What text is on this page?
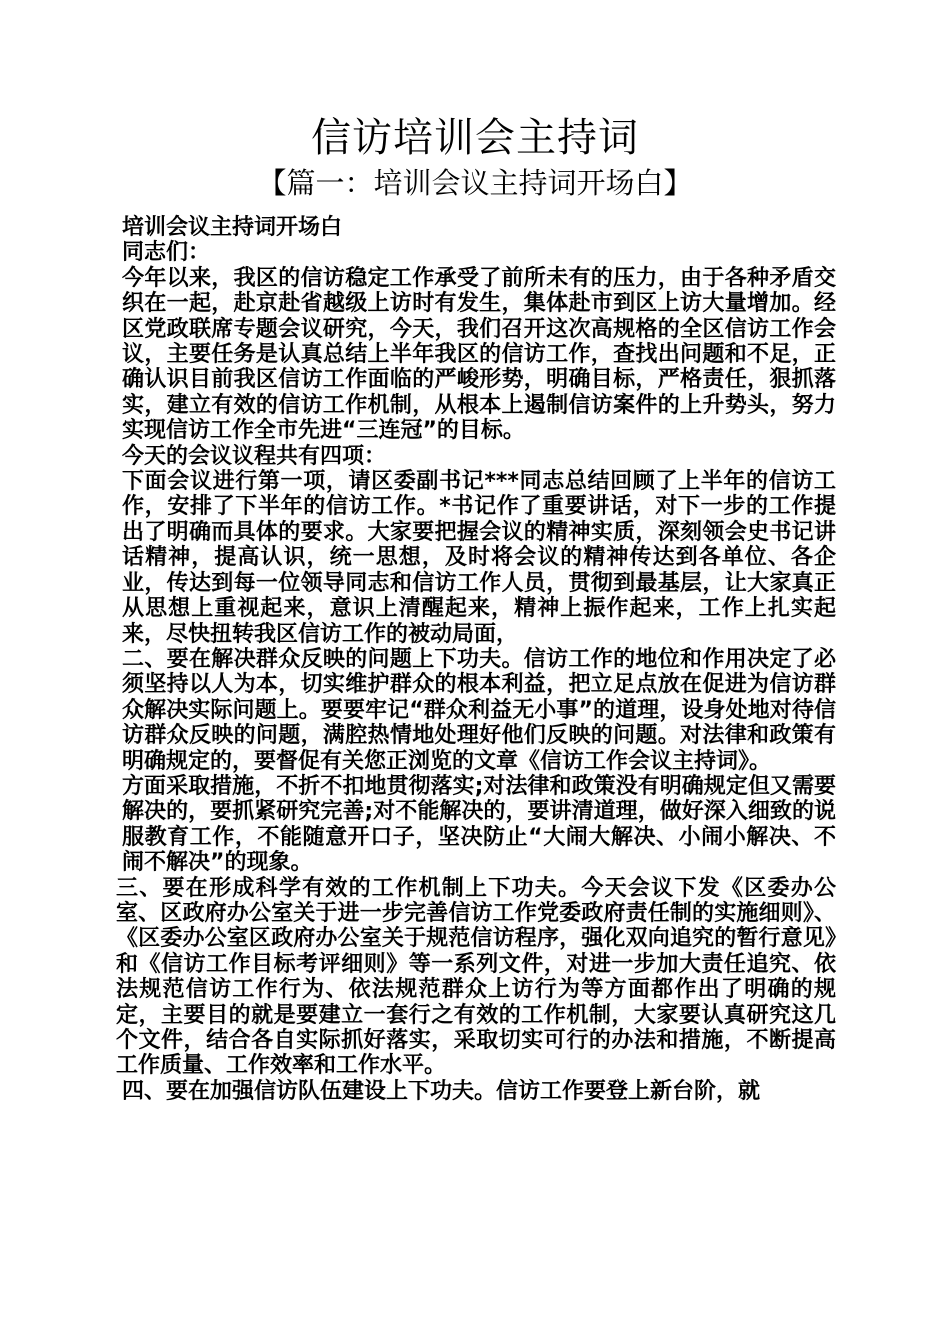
信访培训会主持词
【篇一：培训会议主持词开场白】

培训会议主持词开场白

同志们：

今年以来，我区的信访稳定工作承受了前所未有的压力，由于各种矛盾交织在一起，赴京赴省越级上访时有发生，集体赴市到区上访大量增加。经区党政联席专题会议研究，今天，我们召开这次高规格的全区信访工作会议，主要任务是认真总结上半年我区的信访工作，查找出问题和不足，正确认识目前我区信访工作面临的严峻形势，明确目标，严格责任，狠抓落实，建立有效的信访工作机制，从根本上遏制信访案件的上升势头，努力实现信访工作全市先进“三连冠”的目标。

今天的会议议程共有四项：

下面会议进行第一项，请区委副书记***同志总结回顾了上半年的信访工作，安排了下半年的信访工作。*书记作了重要讲话，对下一步的工作提出了明确而具体的要求。大家要把握会议的精神实质，深刻领会史书记讲话精神，提高认识，统一思想，及时将会议的精神传达到各单位、各企业，传达到每一位领导同志和信访工作人员，贯彻到最基层，让大家真正从思想上重视起来，意识上清醒起来，精神上振作起来，工作上扎实起来，尽快扭转我区信访工作的被动局面，

二、要在解决群众反映的问题上下功夫。信访工作的地位和作用决定了必须坚持以人为本，切实维护群众的根本利益，把立足点放在促进为信访群众解决实际问题上。要要牢记“群众利益无小事”的道理，设身处地对待信访群众反映的问题，满腔热情地处理好他们反映的问题。对法律和政策有明确规定的，要督促有关您正浏览的文章《信访工作会议主持词》。

方面采取措施，不折不扣地贯彻落实;对法律和政策没有明确规定但又需要解决的，要抓紧研究完善;对不能解决的，要讲清道理，做好深入细致的说服教育工作，不能随意开口子，坚决防止“大闹大解决、小闹小解决、不闹不解决”的现象。

三、要在形成科学有效的工作机制上下功夫。今天会议下发《区委办公室、区政府办公室关于进一步完善信访工作党委政府责任制的实施细则》、《区委办公室区政府办公室关于规范信访程序，强化双向追究的暂行意见》和《信访工作目标考评细则》等一系列文件，对进一步加大责任追究、依法规范信访工作行为、依法规范群众上访行为等方面都作出了明确的规定，主要目的就是要建立一套行之有效的工作机制，大家要认真研究这几个文件，结合各自实际抓好落实，采取切实可行的办法和措施，不断提高工作质量、工作效率和工作水平。

四、要在加强信访队伍建设上下功夫。信访工作要登上新台阶，就
